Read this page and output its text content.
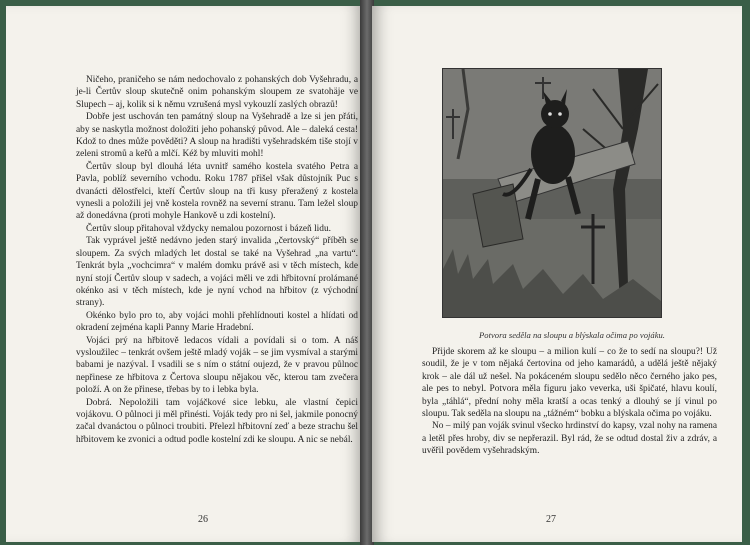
Ničeho, praničeho se nám nedochovalo z pohanských dob Vyšehradu, a je-li Čertův sloup skutečně onim pohanským sloupem ze svatohäje ve Slupech – aj, kolik si k němu vzrušená mysl vykouzlí zaslých obrazů!

Dobře jest uschován ten památný sloup na Vyšehradě a lze si jen přáti, aby se naskytla možnost doložiti jeho pohanský původ. Ale – daleká cesta! Kdož to dnes může pověděti? A sloup na hradišti vyšehradském tiše stojí v zeleni stromů a keřů a mlčí. Kéž by mluviti mohl!

Čertův sloup byl dlouhá léta uvnitř samého kostela svatého Petra a Pavla, poblíž severního vchodu. Roku 1787 přišel však důstojník Puc s dvanácti dělostřelci, kteří Čertův sloup na tři kusy přeražený z kostela vynesli a položili jej vně kostela rovněž na severní stranu. Tam ležel sloup až donedávna (proti mohyle Hankově u zdi kostelní).

Čertův sloup přitahoval vždycky nemalou pozornost i bázeň lidu.

Tak vyprável ještě nedávno jeden starý invalida „čertovský“ příběh se sloupem. Za svých mladých let dostal se také na Vyšehrad „na vartu“. Tenkrát byla „vochcimra“ v malém domku právě asi v těch místech, kde nyní stojí Čertův sloup v sadech, a vojáci měli ve zdi hřbitovní prolámané okénko asi v těch místech, kde je nyní vchod na hřbitov (z východní strany).

Okénko bylo pro to, aby vojáci mohli přehlídnouti kostel a hlídati od okradení zejména kapli Panny Marie Hradební.

Vojáci prý na hřbitově ledacos vídali a povídali si o tom. A náš vysloužilec – tenkrát ovšem ještě mladý voják – se jim vysmíval a starými babami je nazýval. I vsadili se s ním o státní oujezd, že v pravou půlnoc nepřinese ze hřbitova z Čertova sloupu nějakou věc, kterou tam zvečera položí. A on že přinese, třebas by to i lebka byla.

Dobrá. Nepoložili tam vojáčkové sice lebku, ale vlastní čepici vojákovu. O půlnoci ji měl přinésti. Voják tedy pro ni šel, jakmile ponocný začal dvanáctou o půlnoci troubiti. Přelezl hřbitovní zeď a beze strachu šel hřbitovem ke zvonici a odtud podle kostelní zdi ke sloupu. A nic se nebál.

26
Potvora seděla na sloupu a blýskala očima po vojáku.

Přijde skorem až ke sloupu – a milion kulí – co že to sedí na sloupu?! Už soudil, že je v tom nějaká čertovina od jeho kamarádů, a udělá ještě nějaký krok – ale dál už nešel. Na pokáceném sloupu sedělo něco černého jako pes, ale pes to nebyl. Potvora měla figuru jako veverka, uši špičaté, hlavu koulí, byla „táhlá“, přední nohy měla kratší a ocas tenký a dlouhý se jí vinul po sloupu. Tak seděla na sloupu na „tážném“ bobku a blýskala očima po vojáku.

No – milý pan voják svinul všecko hrdinství do kapsy, vzal nohy na ramena a letěl přes hroby, div se nepřerazil. Byl rád, že se odtud dostal živ a zdráv, a uvěřil povědem vyšehradským.

27
